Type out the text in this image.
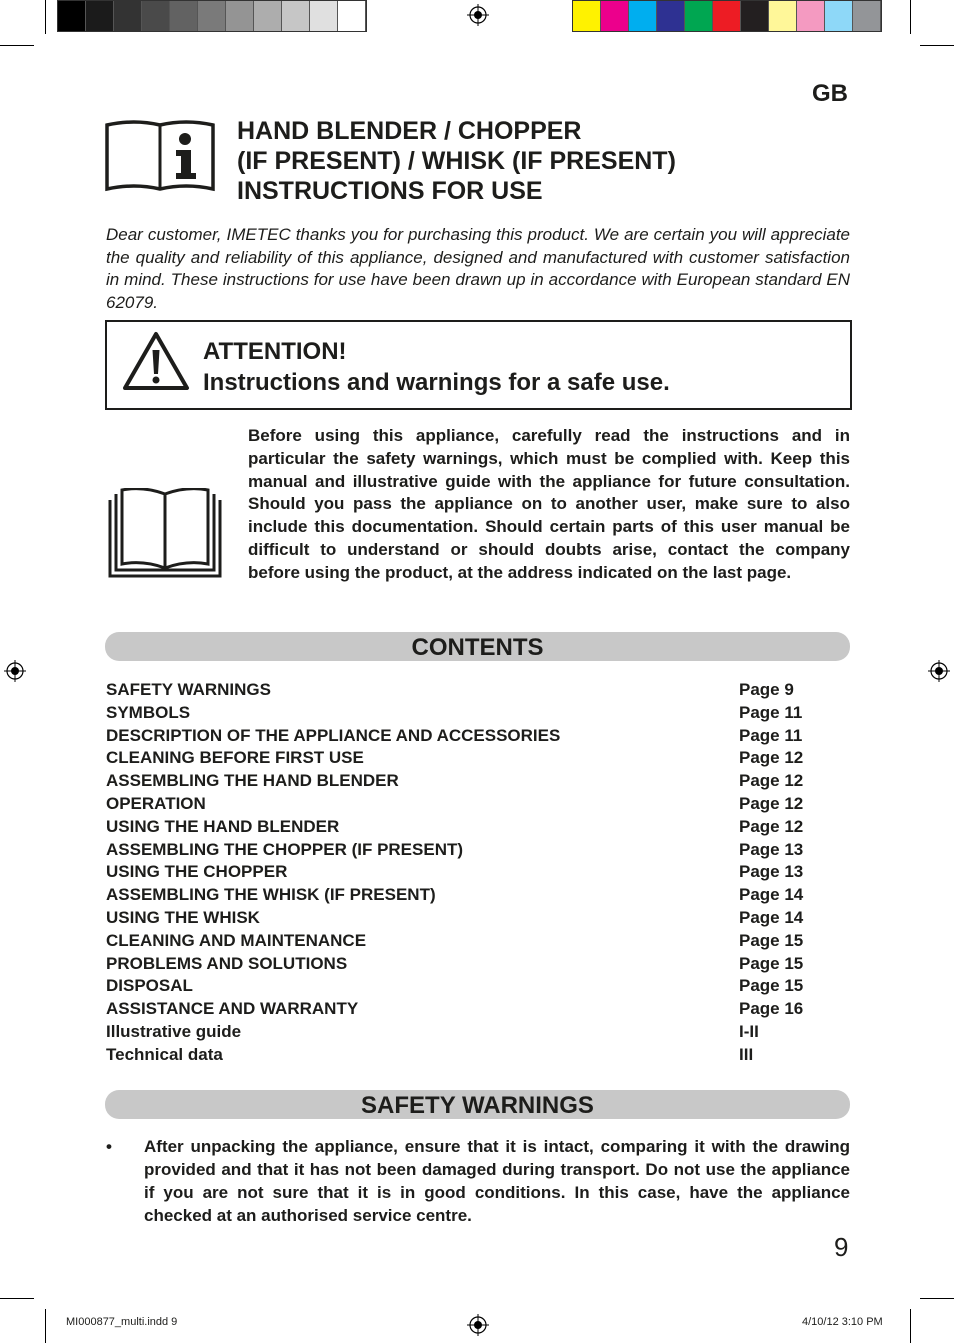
GB
HAND BLENDER / CHOPPER
(IF PRESENT) / WHISK (IF PRESENT)
INSTRUCTIONS FOR USE
Dear customer, IMETEC thanks you for purchasing this product. We are certain you will appreciate the quality and reliability of this appliance, designed and manufactured with customer satisfaction in mind. These instructions for use have been drawn up in accordance with European standard EN 62079.
ATTENTION!
Instructions and warnings for a safe use.
Before using this appliance, carefully read the instructions and in particular the safety warnings, which must be complied with. Keep this manual and illustrative guide with the appliance for future consultation. Should you pass the appliance on to another user, make sure to also include this documentation. Should certain parts of this user manual be difficult to understand or should doubts arise, contact the company before using the product, at the address indicated on the last page.
CONTENTS
SAFETY WARNINGS	Page 9
SYMBOLS	Page 11
DESCRIPTION OF THE APPLIANCE AND ACCESSORIES	Page 11
CLEANING BEFORE FIRST USE	Page 12
ASSEMBLING THE HAND BLENDER	Page 12
OPERATION	Page 12
USING THE HAND BLENDER	Page 12
ASSEMBLING THE CHOPPER (IF PRESENT)	Page 13
USING THE CHOPPER	Page 13
ASSEMBLING THE WHISK (IF PRESENT)	Page 14
USING THE WHISK	Page 14
CLEANING AND MAINTENANCE	Page 15
PROBLEMS AND SOLUTIONS	Page 15
DISPOSAL	Page 15
ASSISTANCE AND WARRANTY	Page 16
Illustrative guide	I-II
Technical data	III
SAFETY WARNINGS
• After unpacking the appliance, ensure that it is intact, comparing it with the drawing provided and that it has not been damaged during transport. Do not use the appliance if you are not sure that it is in good conditions. In this case, have the appliance checked at an authorised service centre.
9
MI000877_multi.indd 9	4/10/12 3:10 PM
